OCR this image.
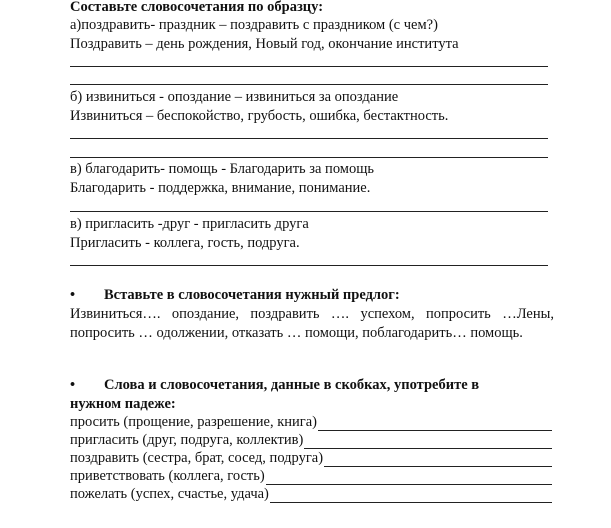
Составьте словосочетания по образцу:
а)поздравить- праздник – поздравить с праздником (с чем?)
Поздравить – день рождения, Новый год, окончание института
б) извиниться - опоздание – извиниться за опоздание
Извиниться – беспокойство, грубость, ошибка, бестактность.
в) благодарить- помощь - Благодарить за помощь
Благодарить - поддержка, внимание, понимание.
в) пригласить -друг - пригласить друга
Пригласить - коллега, гость, подруга.
• Вставьте в словосочетания нужный предлог:
Извиниться…. опоздание, поздравить …. успехом, попросить …Лены, попросить … одолжении, отказать … помощи, поблагодарить… помощь.
• Слова и словосочетания, данные в скобках, употребите в
нужном падеже:
просить (прощение, разрешение, книга)
пригласить (друг, подруга, коллектив)
поздравить (сестра, брат, сосед, подруга)
приветствовать (коллега, гость)
пожелать (успех, счастье, удача)
